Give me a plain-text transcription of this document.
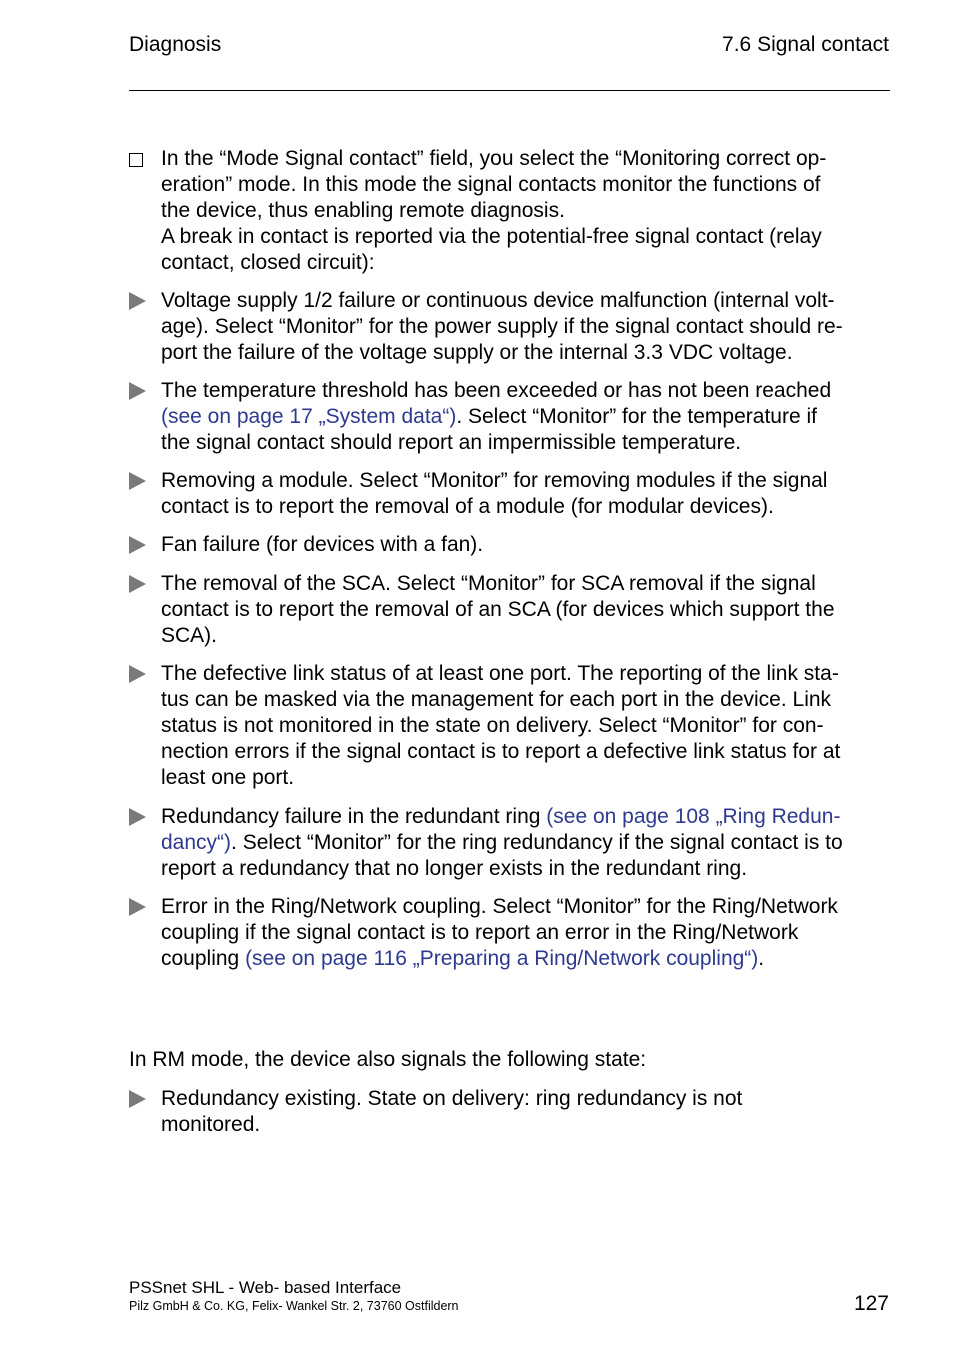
Diagnosis	7.6 Signal contact
In the “Mode Signal contact” field, you select the “Monitoring correct op-
eration” mode. In this mode the signal contacts monitor the functions of
the device, thus enabling remote diagnosis.
A break in contact is reported via the potential-free signal contact (relay
contact, closed circuit):
Voltage supply 1/2 failure or continuous device malfunction (internal volt-
age). Select “Monitor” for the power supply if the signal contact should re-
port the failure of the voltage supply or the internal 3.3 VDC voltage.
The temperature threshold has been exceeded or has not been reached
(see on page 17 „System data“). Select “Monitor” for the temperature if
the signal contact should report an impermissible temperature.
Removing a module. Select “Monitor” for removing modules if the signal
contact is to report the removal of a module (for modular devices).
Fan failure (for devices with a fan).
The removal of the SCA. Select “Monitor” for SCA removal if the signal
contact is to report the removal of an SCA (for devices which support the
SCA).
The defective link status of at least one port. The reporting of the link sta-
tus can be masked via the management for each port in the device. Link
status is not monitored in the state on delivery. Select “Monitor” for con-
nection errors if the signal contact is to report a defective link status for at
least one port.
Redundancy failure in the redundant ring (see on page 108 „Ring Redun-
dancy“). Select “Monitor” for the ring redundancy if the signal contact is to
report a redundancy that no longer exists in the redundant ring.
Error in the Ring/Network coupling. Select “Monitor” for the Ring/Network
coupling if the signal contact is to report an error in the Ring/Network
coupling (see on page 116 „Preparing a Ring/Network coupling“).
In RM mode, the device also signals the following state:
Redundancy existing. State on delivery: ring redundancy is not
monitored.
PSSnet SHL - Web- based Interface
Pilz GmbH & Co. KG, Felix- Wankel Str. 2, 73760 Ostfildern	127
